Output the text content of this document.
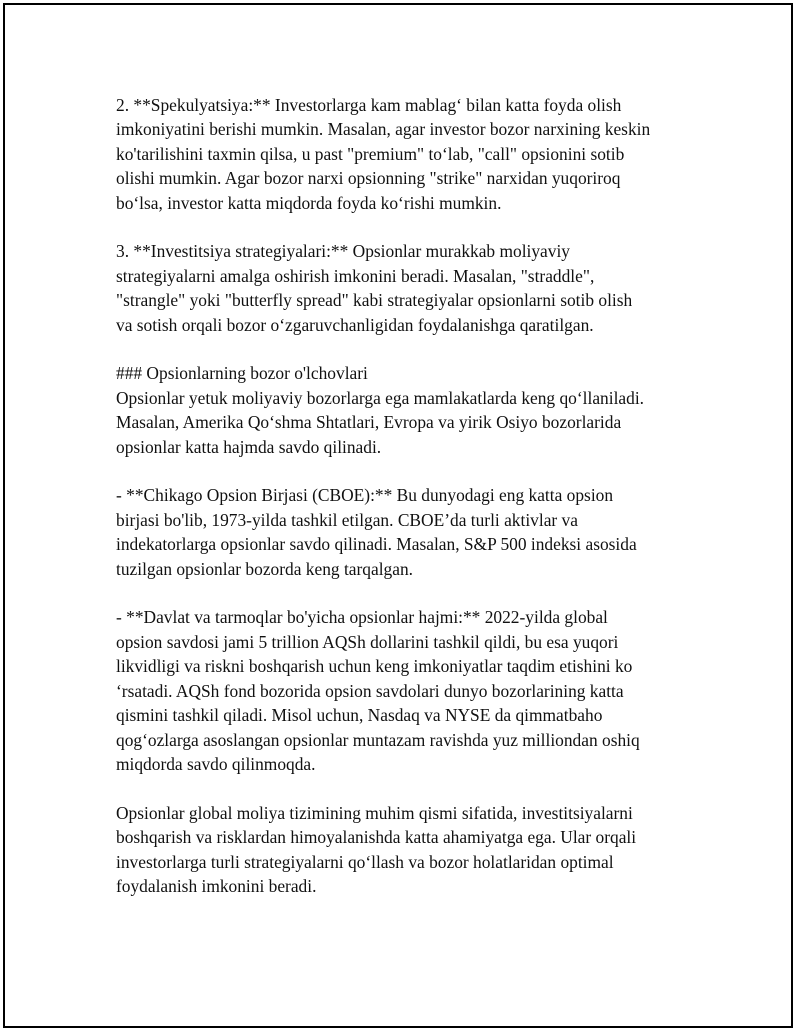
2. **Spekulyatsiya:** Investorlarga kam mablag‘ bilan katta foyda olish
imkoniyatini berishi mumkin. Masalan, agar investor bozor narxining keskin
ko'tarilishini taxmin qilsa, u past "premium" to‘lab, "call" opsionini sotib
olishi mumkin. Agar bozor narxi opsionning "strike" narxidan yuqoriroq
bo‘lsa, investor katta miqdorda foyda ko‘rishi mumkin.

3. **Investitsiya strategiyalari:** Opsionlar murakkab moliyaviy
strategiyalarni amalga oshirish imkonini beradi. Masalan, "straddle",
"strangle" yoki "butterfly spread" kabi strategiyalar opsionlarni sotib olish
va sotish orqali bozor o‘zgaruvchanligidan foydalanishga qaratilgan.

### Opsionlarning bozor o'lchovlari
Opsionlar yetuk moliyaviy bozorlarga ega mamlakatlarda keng qo‘llaniladi.
Masalan, Amerika Qo‘shma Shtatlari, Evropa va yirik Osiyo bozorlarida
opsionlar katta hajmda savdo qilinadi.

- **Chikago Opsion Birjasi (CBOE):** Bu dunyodagi eng katta opsion
birjasi bo'lib, 1973-yilda tashkil etilgan. CBOE’da turli aktivlar va
indekatorlarga opsionlar savdo qilinadi. Masalan, S&P 500 indeksi asosida
tuzilgan opsionlar bozorda keng tarqalgan.

- **Davlat va tarmoqlar bo'yicha opsionlar hajmi:** 2022-yilda global
opsion savdosi jami 5 trillion AQSh dollarini tashkil qildi, bu esa yuqori
likvidligi va riskni boshqarish uchun keng imkoniyatlar taqdim etishini ko
‘rsatadi. AQSh fond bozorida opsion savdolari dunyo bozorlarining katta
qismini tashkil qiladi. Misol uchun, Nasdaq va NYSE da qimmatbaho
qog‘ozlarga asoslangan opsionlar muntazam ravishda yuz milliondan oshiq
miqdorda savdo qilinmoqda.

Opsionlar global moliya tizimining muhim qismi sifatida, investitsiyalarni
boshqarish va risklardan himoyalanishda katta ahamiyatga ega. Ular orqali
investorlarga turli strategiyalarni qo‘llash va bozor holatlaridan optimal
foydalanish imkonini beradi.
